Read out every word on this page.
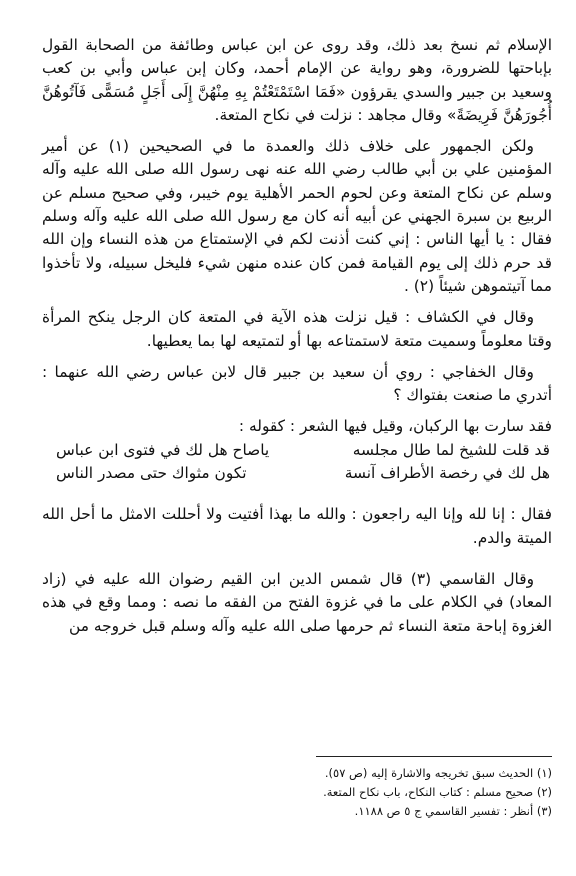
الإسلام ثم نسخ بعد ذلك، وقد روى عن ابن عباس وطائفة من الصحابة القول بإباحتها للضرورة، وهو رواية عن الإمام أحمد، وكان إبن عباس وأبي بن كعب وسعيد بن جبير والسدي يقرؤون «فَمَا اسْتَمْتَعْتُمْ بِهِ مِنْهُنَّ إِلَى أَجَلٍ مُسَمًّى فَآتُوهُنَّ أُجُورَهُنَّ فَرِيضَةً» وقال مجاهد : نزلت في نكاح المتعة.

ولكن الجمهور على خلاف ذلك والعمدة ما في الصحيحين (١) عن أمير المؤمنين علي بن أبي طالب رضي الله عنه نهى رسول الله صلى الله عليه وآله وسلم عن نكاح المتعة وعن لحوم الحمر الأهلية يوم خيبر، وفي صحيح مسلم عن الربيع بن سبرة الجهني عن أبيه أنه كان مع رسول الله صلى الله عليه وآله وسلم فقال : يا أيها الناس : إني كنت أذنت لكم في الإستمتاع من هذه النساء وإن الله قد حرم ذلك إلى يوم القيامة فمن كان عنده منهن شيء فليخل سبيله، ولا تأخذوا مما آتيتموهن شيئاً (٢) .

وقال في الكشاف : قيل نزلت هذه الآية في المتعة كان الرجل ينكح المرأة وقتا معلوماً وسميت متعة لاستمتاعه بها أو لتمتيعه لها بما يعطيها.

وقال الخفاجي : روي أن سعيد بن جبير قال لابن عباس رضي الله عنهما : أتدري ما صنعت بفتواك ؟

فقد سارت بها الركبان، وقيل فيها الشعر : كقوله :

قد قلت للشيخ لما طال مجلسه
ياصاح هل لك في فتوى ابن عباس
هل لك في رخصة الأطراف آنسة
تكون مثواك حتى مصدر الناس

فقال : إنا لله وإنا اليه راجعون : والله ما بهذا أفتيت ولا أحللت الامثل ما أحل الله الميتة والدم.

وقال القاسمي (٣) قال شمس الدين ابن القيم رضوان الله عليه في (زاد المعاد) في الكلام على ما في غزوة الفتح من الفقه ما نصه : ومما وقع في هذه الغزوة إباحة متعة النساء ثم حرمها صلى الله عليه وآله وسلم قبل خروجه من

(١) الحديث سبق تخريجه والاشارة إليه (ص ٥٧).
(٢) صحيح مسلم : كتاب النكاح، باب نكاح المتعة.
(٣) أنظر : تفسير القاسمي ج ٥ ص ١١٨٨.
